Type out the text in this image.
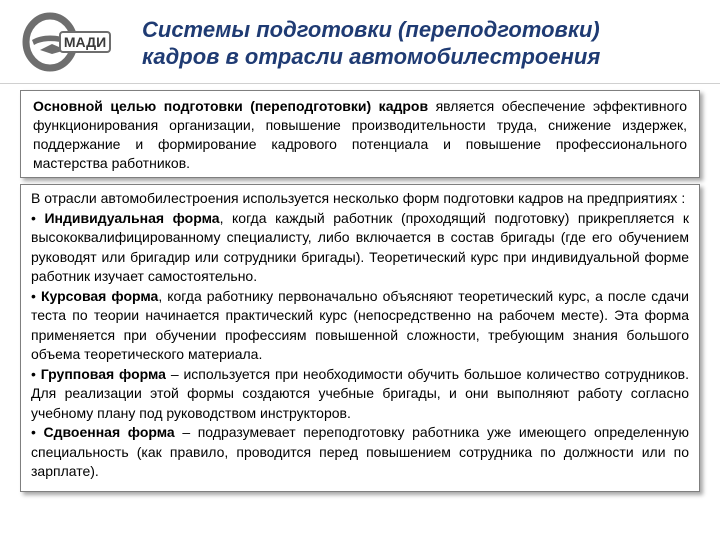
МАДИ Системы подготовки (переподготовки)
кадров в отрасли автомобилестроения

Основной целью подготовки (переподготовки) кадров является обеспечение эффективного функционирования организации, повышение производительности труда, снижение издержек, поддержание и формирование кадрового потенциала и повышение профессионального мастерства работников.

В отрасли автомобилестроения используется несколько форм подготовки кадров на предприятиях :

• Индивидуальная форма, когда каждый работник (проходящий подготовку) прикрепляется к высококвалифицированному специалисту, либо включается в состав бригады (где его обучением руководят или бригадир или сотрудники бригады). Теоретический курс при индивидуальной форме работник изучает самостоятельно.

• Курсовая форма, когда работнику первоначально объясняют теоретический курс, а после сдачи теста по теории начинается практический курс (непосредственно на рабочем месте). Эта форма применяется при обучении профессиям повышенной сложности, требующим знания большого объема теоретического материала.

• Групповая форма – используется при необходимости обучить большое количество сотрудников. Для реализации этой формы создаются учебные бригады, и они выполняют работу согласно учебному плану под руководством инструкторов.

• Сдвоенная форма – подразумевает переподготовку работника уже имеющего определенную специальность (как правило, проводится перед повышением сотрудника по должности или по зарплате).
